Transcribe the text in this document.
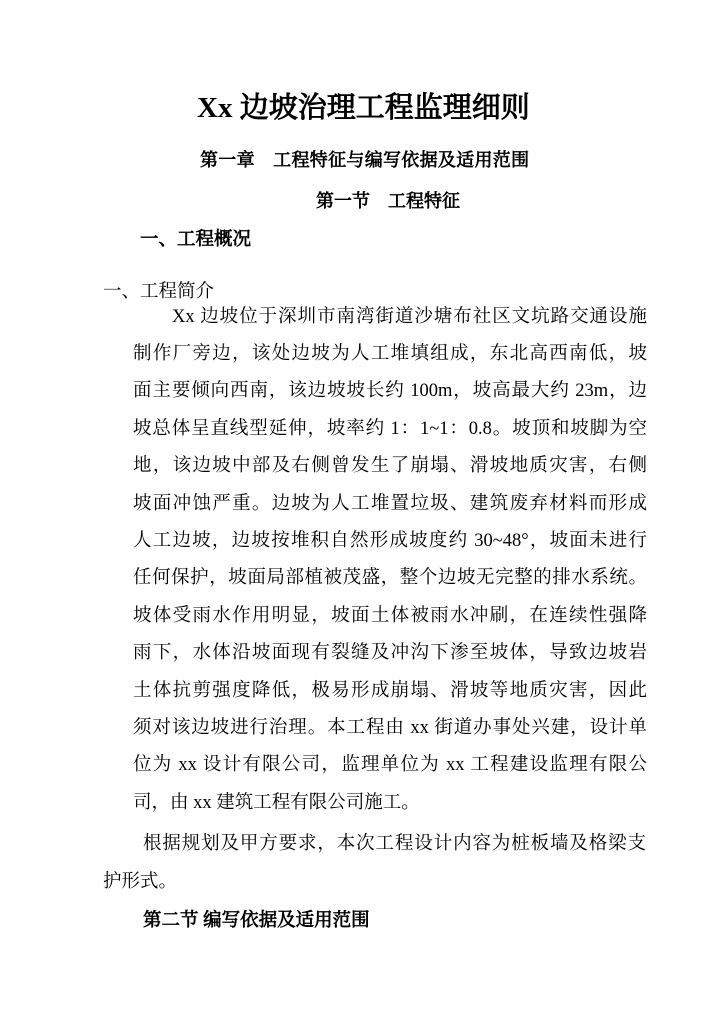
Xx 边坡治理工程监理细则
第一章　工程特征与编写依据及适用范围
第一节　工程特征
一、工程概况
一、工程简介
Xx 边坡位于深圳市南湾街道沙塘布社区文坑路交通设施
制作厂旁边，该处边坡为人工堆填组成，东北高西南低，坡
面主要倾向西南，该边坡坡长约 100m，坡高最大约 23m，边
坡总体呈直线型延伸，坡率约 1：1~1：0.8。坡顶和坡脚为空
地，该边坡中部及右侧曾发生了崩塌、滑坡地质灾害，右侧
坡面冲蚀严重。边坡为人工堆置垃圾、建筑废弃材料而形成
人工边坡，边坡按堆积自然形成坡度约 30~48°，坡面未进行
任何保护，坡面局部植被茂盛，整个边坡无完整的排水系统。
坡体受雨水作用明显，坡面土体被雨水冲刷，在连续性强降
雨下，水体沿坡面现有裂缝及冲沟下渗至坡体，导致边坡岩
土体抗剪强度降低，极易形成崩塌、滑坡等地质灾害，因此
须对该边坡进行治理。本工程由 xx 街道办事处兴建，设计单
位为 xx 设计有限公司，监理单位为 xx 工程建设监理有限公
司，由 xx 建筑工程有限公司施工。
根据规划及甲方要求，本次工程设计内容为桩板墙及格梁支
护形式。
第二节 编写依据及适用范围
